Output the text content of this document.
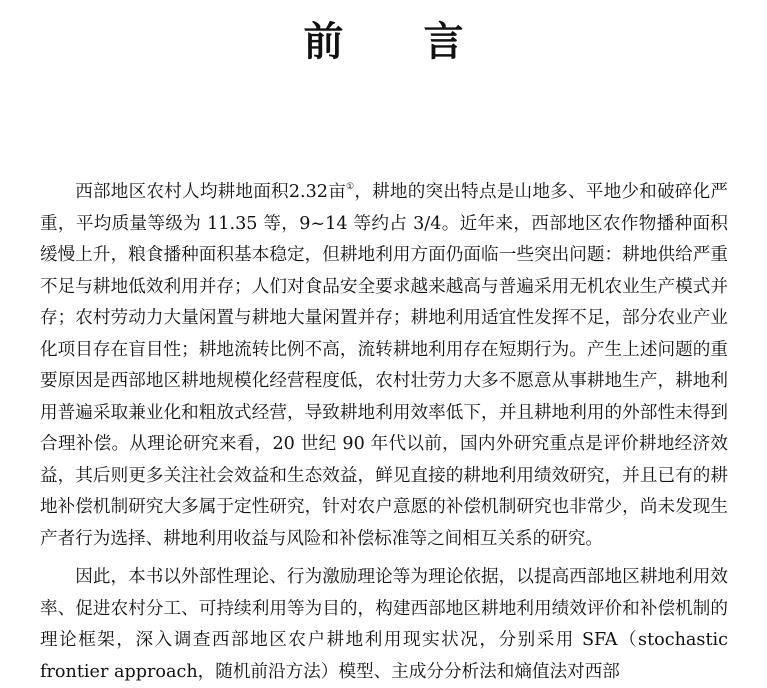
前 言

西部地区农村人均耕地面积2.32亩①，耕地的突出特点是山地多、平地少和破碎化严重，平均质量等级为 11.35 等，9~14 等约占 3/4。近年来，西部地区农作物播种面积缓慢上升，粮食播种面积基本稳定，但耕地利用方面仍面临一些突出问题：耕地供给严重不足与耕地低效利用并存；人们对食品安全要求越来越高与普遍采用无机农业生产模式并存；农村劳动力大量闲置与耕地大量闲置并存；耕地利用适宜性发挥不足，部分农业产业化项目存在盲目性；耕地流转比例不高，流转耕地利用存在短期行为。产生上述问题的重要原因是西部地区耕地规模化经营程度低，农村壮劳力大多不愿意从事耕地生产，耕地利用普遍采取兼业化和粗放式经营，导致耕地利用效率低下，并且耕地利用的外部性未得到合理补偿。从理论研究来看，20 世纪 90 年代以前，国内外研究重点是评价耕地经济效益，其后则更多关注社会效益和生态效益，鲜见直接的耕地利用绩效研究，并且已有的耕地补偿机制研究大多属于定性研究，针对农户意愿的补偿机制研究也非常少，尚未发现生产者行为选择、耕地利用收益与风险和补偿标准等之间相互关系的研究。

因此，本书以外部性理论、行为激励理论等为理论依据，以提高西部地区耕地利用效率、促进农村分工、可持续利用等为目的，构建西部地区耕地利用绩效评价和补偿机制的理论框架，深入调查西部地区农户耕地利用现实状况，分别采用 SFA（stochastic frontier approach，随机前沿方法）模型、主成分分析法和熵值法对西部
